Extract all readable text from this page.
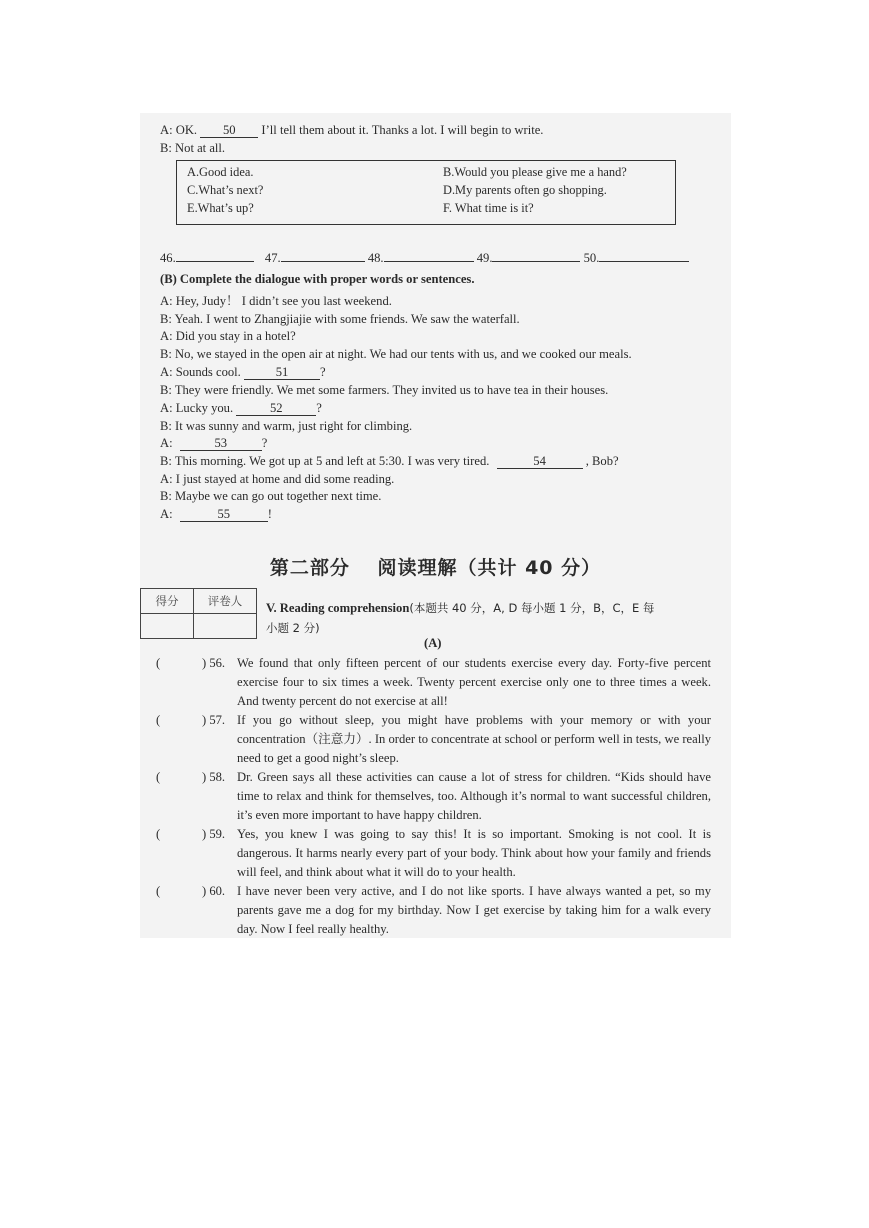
A: OK. 50 I’ll tell them about it. Thanks a lot. I will begin to write.
B: Not at all.
A.Good idea.	B.Would you please give me a hand?
C.What’s next?	D.My parents often go shopping.
E.What’s up?	F. What time is it?
46.	47.	48.	49.	50.
(B) Complete the dialogue with proper words or sentences.
A: Hey, Judy！ I didn’t see you last weekend.
B: Yeah. I went to Zhangjiajie with some friends. We saw the waterfall.
A: Did you stay in a hotel?
B: No, we stayed in the open air at night. We had our tents with us, and we cooked our meals.
A: Sounds cool.	51	?
B: They were friendly. We met some farmers. They invited us to have tea in their houses.
A: Lucky you.	52	?
B: It was sunny and warm, just right for climbing.
A:	53	?
B: This morning. We got up at 5 and left at 5:30. I was very tired.	54	, Bob?
A: I just stayed at home and did some reading.
B: Maybe we can go out together next time.
A:	55	!
第二部分　 阅读理解（共计 40 分）
得分	评卷人
	V. Reading comprehension(本题共 40 分，A, D 每小题 1 分，B，C，E 每
小题 2 分)
(A)
(	) 56. We found that only fifteen percent of our students exercise every day. Forty-five percent exercise four to six times a week. Twenty percent exercise only one to three times a week. And twenty percent do not exercise at all!
(	) 57. If you go without sleep, you might have problems with your memory or with your concentration（注意力）. In order to concentrate at school or perform well in tests, we really need to get a good night’s sleep.
(	) 58. Dr. Green says all these activities can cause a lot of stress for children. “Kids should have time to relax and think for themselves, too. Although it’s normal to want successful children, it’s even more important to have happy children.
(	) 59. Yes, you knew I was going to say this! It is so important. Smoking is not cool. It is dangerous. It harms nearly every part of your body. Think about how your family and friends will feel, and think about what it will do to your health.
(	) 60. I have never been very active, and I do not like sports. I have always wanted a pet, so my parents gave me a dog for my birthday. Now I get exercise by taking him for a walk every day. Now I feel really healthy.
